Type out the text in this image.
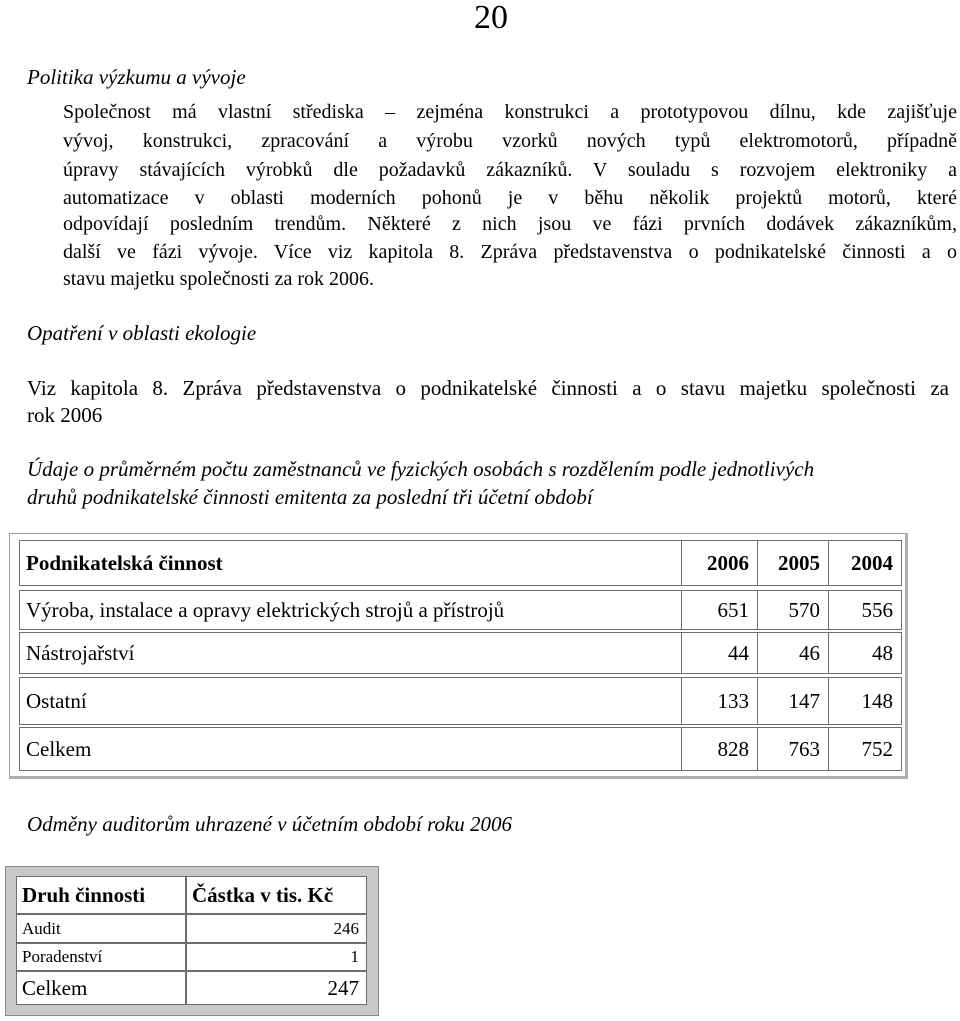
20
Politika výzkumu a vývoje
Společnost má vlastní střediska – zejména konstrukci a prototypovou dílnu, kde zajišťuje
vývoj, konstrukci, zpracování a výrobu vzorků nových typů elektromotorů, případně
úpravy stávajících výrobků dle požadavků zákazníků. V souladu s rozvojem elektroniky a
automatizace v oblasti moderních pohonů je v běhu několik projektů motorů, které
odpovídají posledním trendům. Některé z nich jsou ve fázi prvních dodávek zákazníkům,
další ve fázi vývoje. Více viz kapitola 8. Zpráva představenstva o podnikatelské činnosti a o
stavu majetku společnosti za rok 2006.
Opatření v oblasti ekologie
Viz kapitola 8. Zpráva představenstva o podnikatelské činnosti a o stavu majetku společnosti za
rok 2006
Údaje o průměrném počtu zaměstnanců ve fyzických osobách s rozdělením podle jednotlivých
druhů podnikatelské činnosti emitenta za poslední tři účetní období
Podnikatelská činnost	2006	2005	2004
Výroba, instalace a opravy elektrických strojů a přístrojů	651	570	556
Nástrojařství	44	46	48
Ostatní	133	147	148
Celkem	828	763	752
Odměny auditorům uhrazené v účetním období roku 2006
Druh činnosti	Částka v tis. Kč
Audit	246
Poradenství	1
Celkem	247
